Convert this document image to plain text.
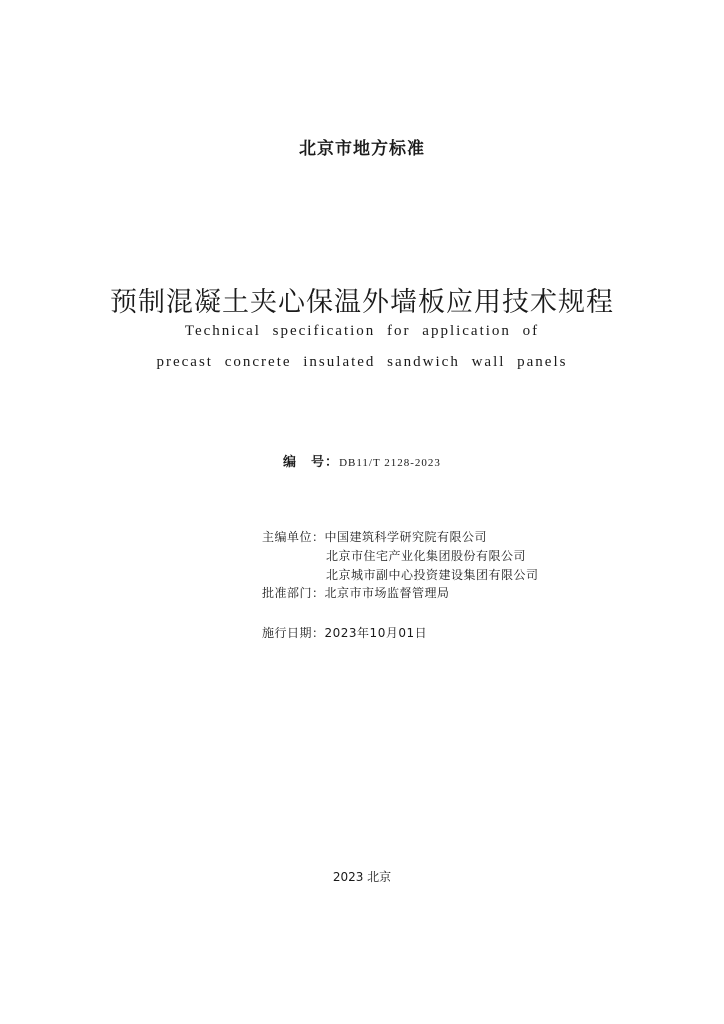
北京市地方标准
预制混凝土夹心保温外墙板应用技术规程
Technical specification for application of
precast concrete insulated sandwich wall panels
编　号：DB11/T 2128-2023
主编单位：中国建筑科学研究院有限公司
北京市住宅产业化集团股份有限公司
北京城市副中心投资建设集团有限公司
批准部门：北京市市场监督管理局
施行日期：2023年10月01日
2023 北京
